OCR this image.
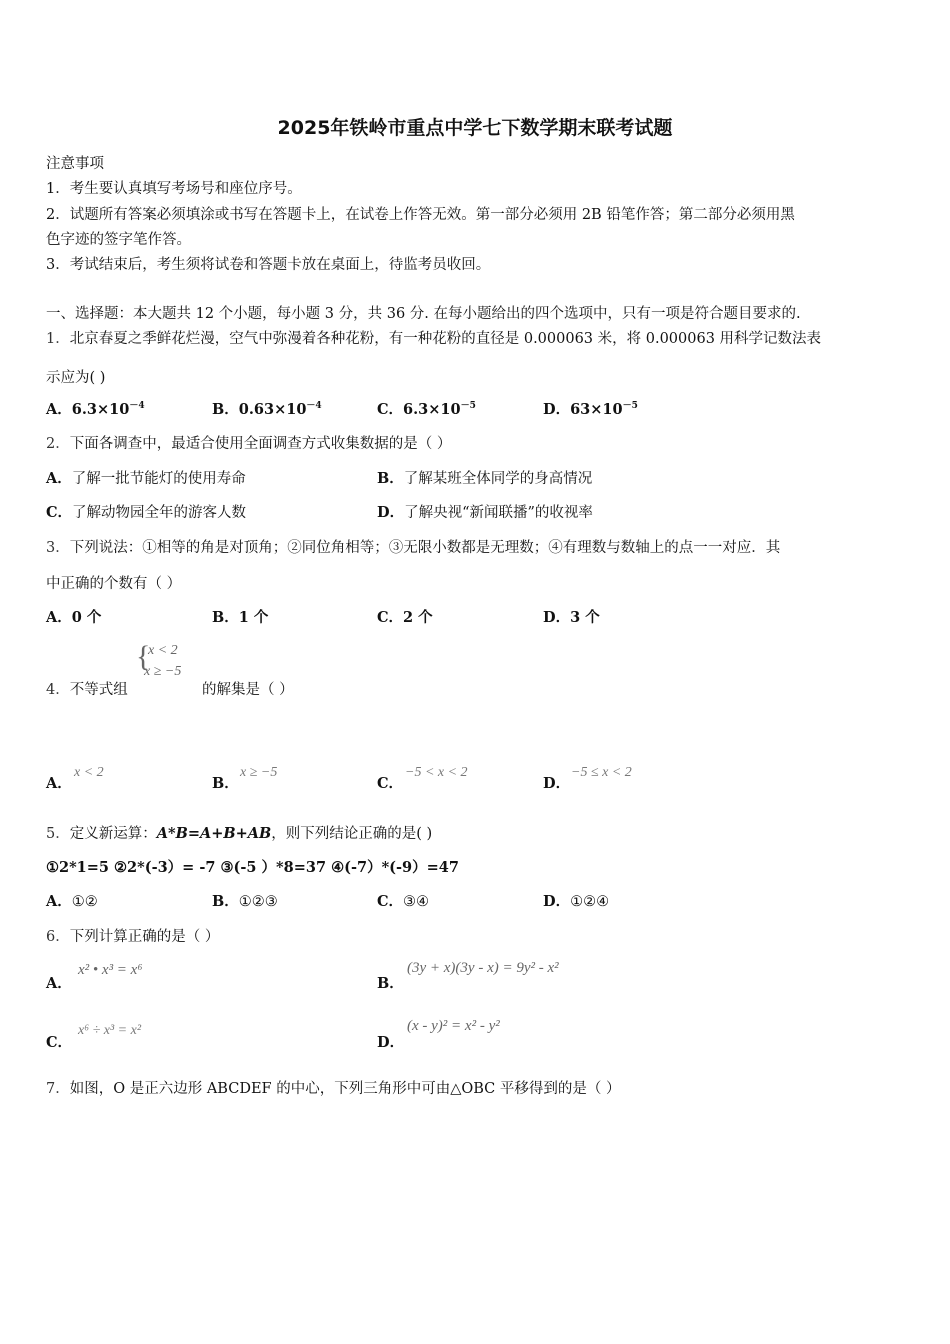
2025年铁岭市重点中学七下数学期末联考试题
注意事项
1．考生要认真填写考场号和座位序号。
2．试题所有答案必须填涂或书写在答题卡上，在试卷上作答无效。第一部分必须用 2B 铅笔作答；第二部分必须用黑
色字迹的签字笔作答。
3．考试结束后，考生须将试卷和答题卡放在桌面上，待监考员收回。
一、选择题：本大题共 12 个小题，每小题 3 分，共 36 分. 在每小题给出的四个选项中，只有一项是符合题目要求的.
1．北京春夏之季鲜花烂漫，空气中弥漫着各种花粉，有一种花粉的直径是 0.000063 米，将 0.000063 用科学记数法表
示应为( )
A．$6.3\times 10^{-4}$	B．$0.63\times 10^{-4}$	C．$6.3\times 10^{-5}$	D．$63\times 10^{-5}$
2．下面各调查中，最适合使用全面调查方式收集数据的是（ ）
A．了解一批节能灯的使用寿命	B．了解某班全体同学的身高情况
C．了解动物园全年的游客人数	D．了解央视“新闻联播”的收视率
3．下列说法：①相等的角是对顶角；②同位角相等；③无限小数都是无理数；④有理数与数轴上的点一一对应．其
中正确的个数有（ ）
A．0 个	B．1 个	C．2 个	D．3 个
4．不等式组
{
x < 2
x ≥ −5
的解集是（ ）
A．
x < 2
B．
x ≥ −5
C．
−5 < x < 2
D．
−5 ≤ x < 2
5．定义新运算：A*B=A+B+AB，则下列结论正确的是( )
①2*1=5 ②2*(-3）= -7 ③(-5 ）*8=37 ④(-7）*(-9）=47
A．①②	B．①②③	C．③④	D．①②④
6．下列计算正确的是（ ）
A．
x² • x³ = x⁶
B．
(3y + x)(3y - x) = 9y² - x²
C．
x⁶ ÷ x³ = x²
D．
(x - y)² = x² - y²
7．如图，O 是正六边形 ABCDEF 的中心，下列三角形中可由△OBC 平移得到的是（ ）
